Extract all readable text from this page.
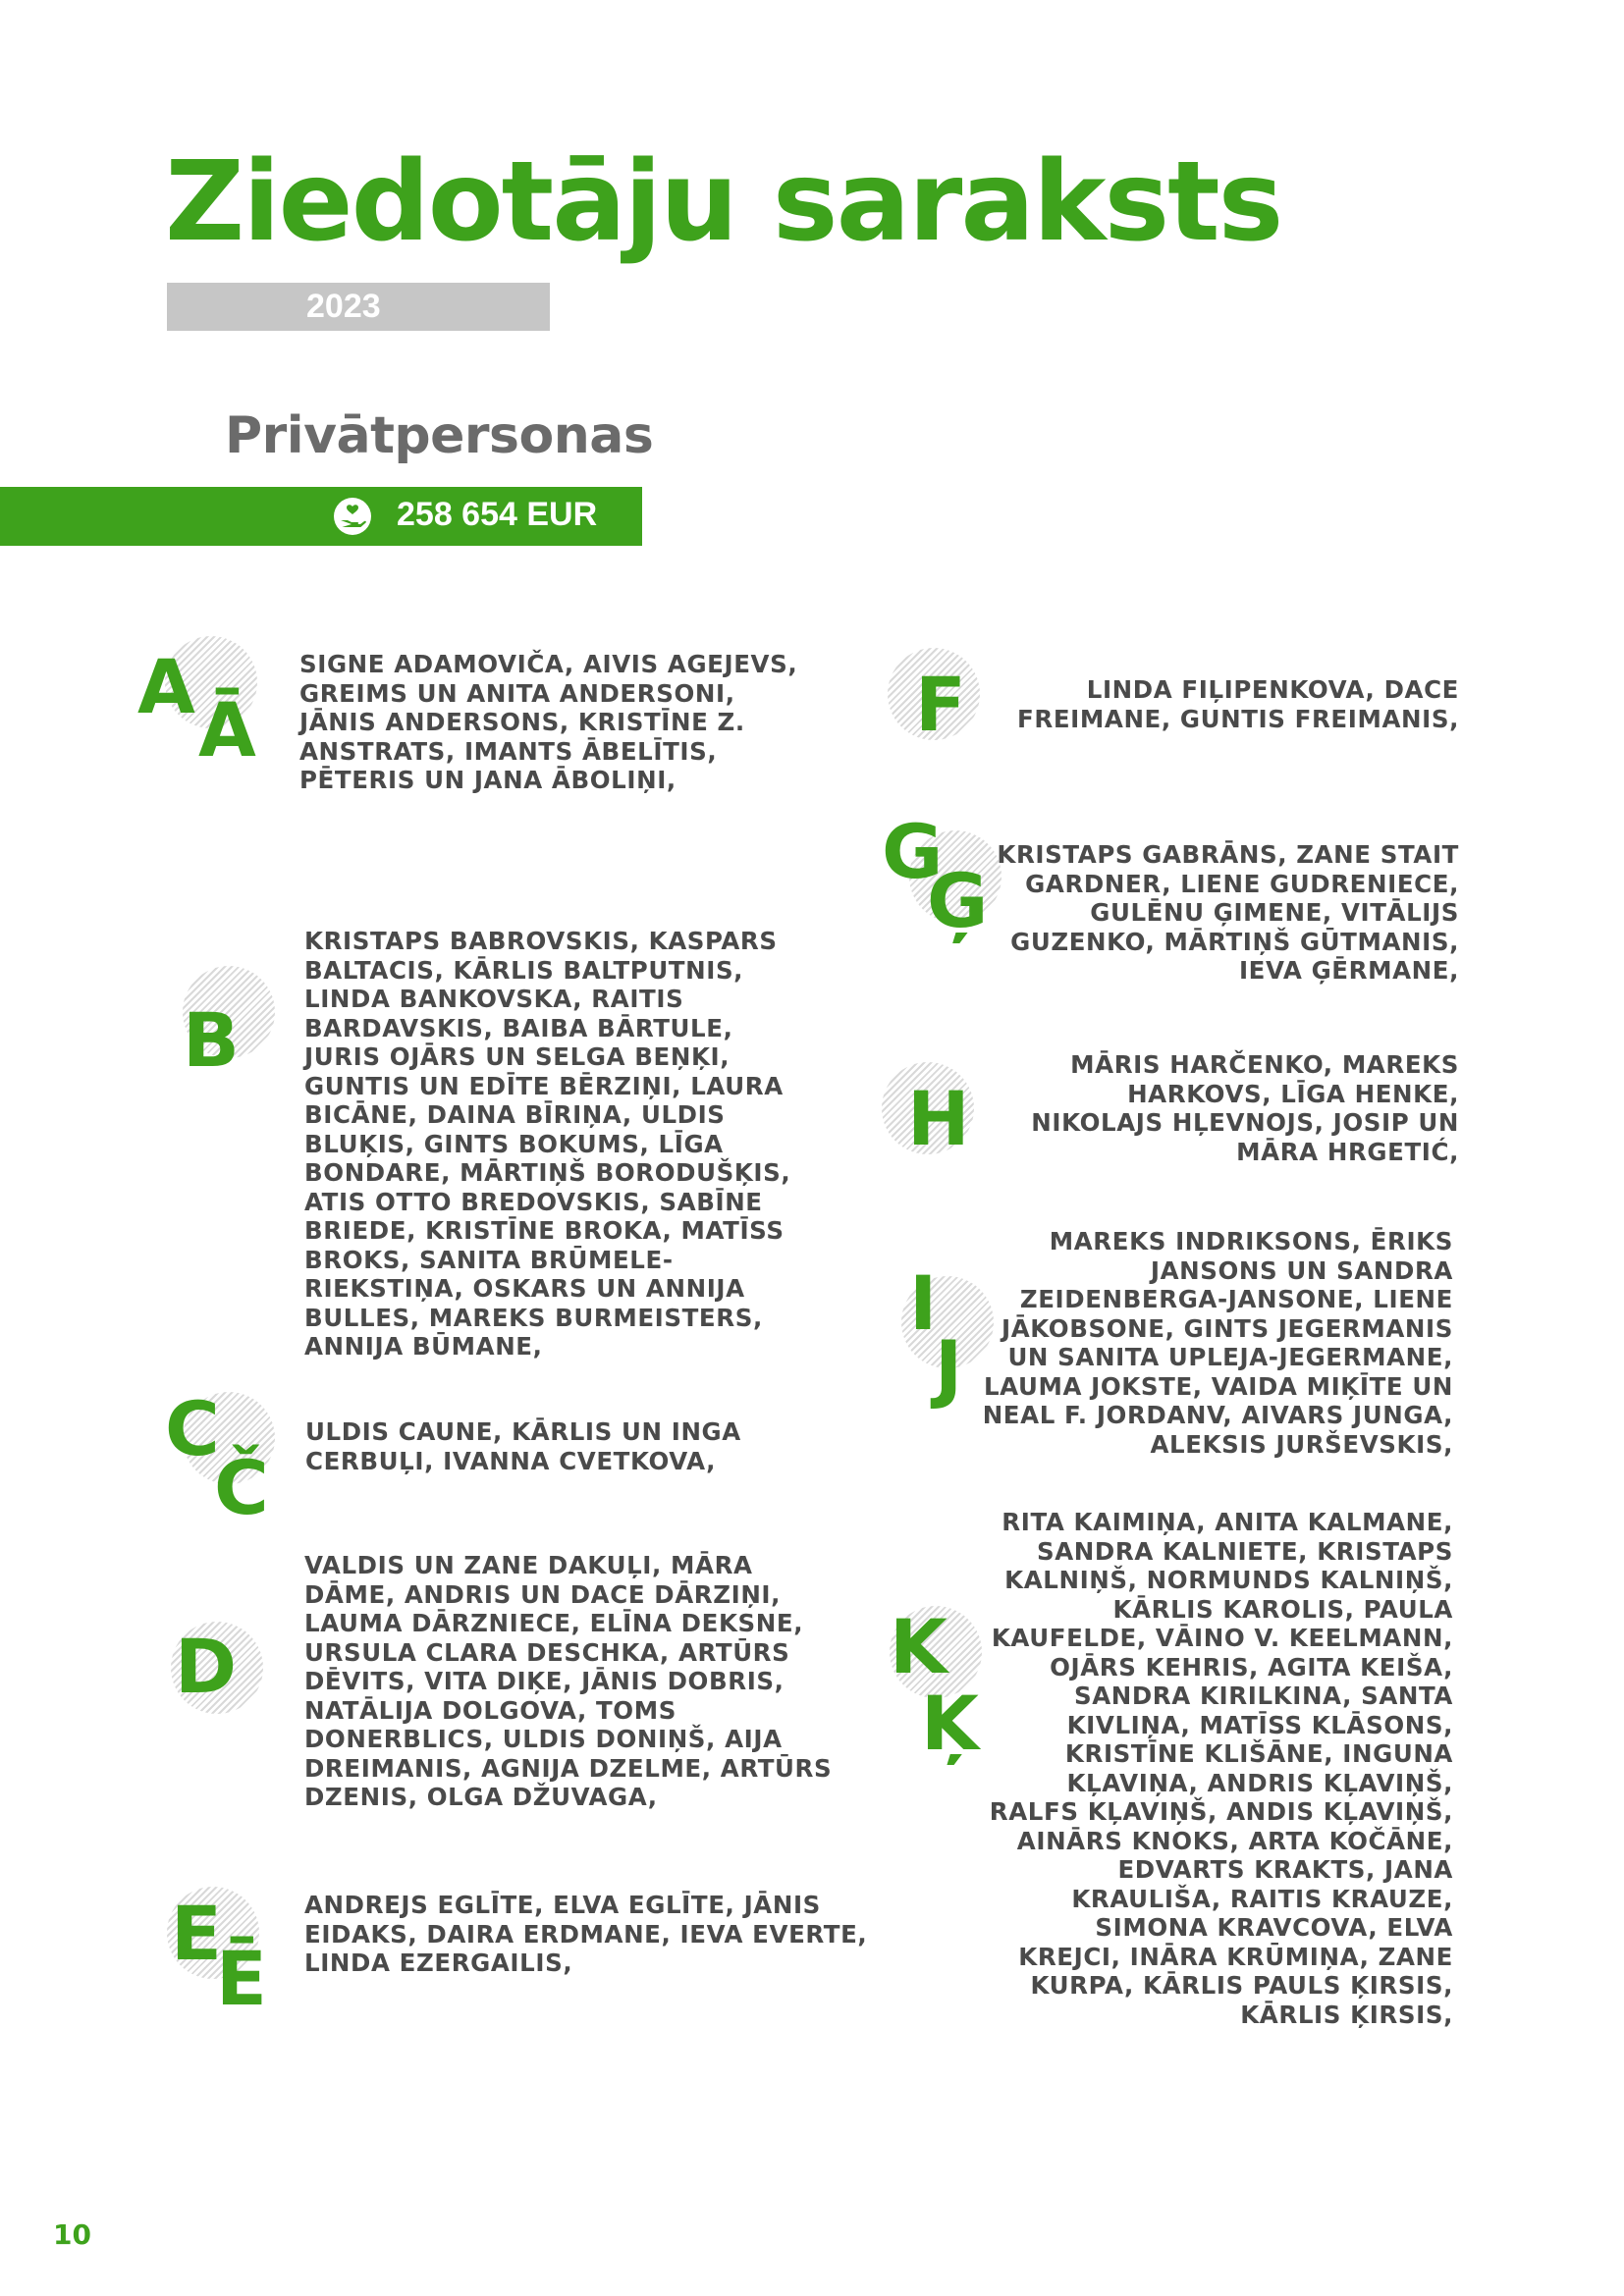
Ziedotāju saraksts
2023
Privātpersonas
258 654 EUR
A Ā

SIGNE ADAMOVIČA, AIVIS AGEJEVS,
GREIMS UN ANITA ANDERSONI,
JĀNIS ANDERSONS, KRISTĪNE Z.
ANSTRATS, IMANTS ĀBELĪTIS,
PĒTERIS UN JANA ĀBOLIŅI,

B

KRISTAPS BABROVSKIS, KASPARS
BALTACIS, KĀRLIS BALTPUTNIS,
LINDA BANKOVSKA, RAITIS
BARDAVSKIS, BAIBA BĀRTULE,
JURIS OJĀRS UN SELGA BEŅĶI,
GUNTIS UN EDĪTE BĒRZIŅI, LAURA
BICĀNE, DAINA BĪRIŅA, ULDIS
BLUĶIS, GINTS BOKUMS, LĪGA
BONDARE, MĀRTIŅŠ BORODUŠĶIS,
ATIS OTTO BREDOVSKIS, SABĪNE
BRIEDE, KRISTĪNE BROKA, MATĪSS
BROKS, SANITA BRŪMELE-
RIEKSTIŅA, OSKARS UN ANNIJA
BULLES, MAREKS BURMEISTERS,
ANNIJA BŪMANE,

C
Č

ULDIS CAUNE, KĀRLIS UN INGA
CERBUĻI, IVANNA CVETKOVA,

D

VALDIS UN ZANE DAKUĻI, MĀRA
DĀME, ANDRIS UN DACE DĀRZIŅI,
LAUMA DĀRZNIECE, ELĪNA DEKSNE,
URSULA CLARA DESCHKA, ARTŪRS
DĒVITS, VITA DIĶE, JĀNIS DOBRIS,
NATĀLIJA DOLGOVA, TOMS
DONERBLICS, ULDIS DONIŅŠ, AIJA
DREIMANIS, AGNIJA DZELME, ARTŪRS
DZENIS, OLGA DŽUVAGA,

E
Ē

ANDREJS EGLĪTE, ELVA EGLĪTE, JĀNIS
EIDAKS, DAIRA ERDMANE, IEVA EVERTE,
LINDA EZERGAILIS,

F	LINDA FIĻIPENKOVA, DACE
FREIMANE, GUNTIS FREIMANIS,

G
Ģ

KRISTAPS GABRĀNS, ZANE STAIT
GARDNER, LIENE GUDRENIECE,
GULĒNU ĢIMENE, VITĀLIJS
GUZENKO, MĀRTIŅŠ GŪTMANIS,
IEVA ĢĒRMANE,

H

MĀRIS HARČENKO, MAREKS
HARKOVS, LĪGA HENKE,
NIKOLAJS HĻEVNOJS, JOSIP UN
MĀRA HRGETIĆ,

I
J

MAREKS INDRIKSONS, ĒRIKS
JANSONS UN SANDRA
ZEIDENBERGA-JANSONE, LIENE
JĀKOBSONE, GINTS JEGERMANIS
UN SANITA UPLEJA-JEGERMANE,
LAUMA JOKSTE, VAIDA MIĶĪTE UN
NEAL F. JORDANV, AIVARS JUNGA,
ALEKSIS JURŠEVSKIS,

K
Ķ

RITA KAIMIŅA, ANITA KALMANE,
SANDRA KALNIETE, KRISTAPS
KALNIŅŠ, NORMUNDS KALNIŅŠ,
KĀRLIS KAROLIS, PAULA
KAUFELDE, VĀINO V. KEELMANN,
OJĀRS KEHRIS, AGITA KEIŠA,
SANDRA KIRILKINA, SANTA
KIVLIŅA, MATĪSS KLĀSONS,
KRISTĪNE KLIŠĀNE, INGUNA
KĻAVIŅA, ANDRIS KĻAVIŅŠ,
RALFS KĻAVIŅŠ, ANDIS KĻAVIŅŠ,
AINĀRS KNOKS, ARTA KOČĀNE,
EDVARTS KRAKTS, JANA
KRAULIŠA, RAITIS KRAUZE,
SIMONA KRAVCOVA, ELVA
KREJCI, INĀRA KRŪMIŅA, ZANE
KURPA, KĀRLIS PAULS ĶIRSIS,
KĀRLIS ĶIRSIS,

10
